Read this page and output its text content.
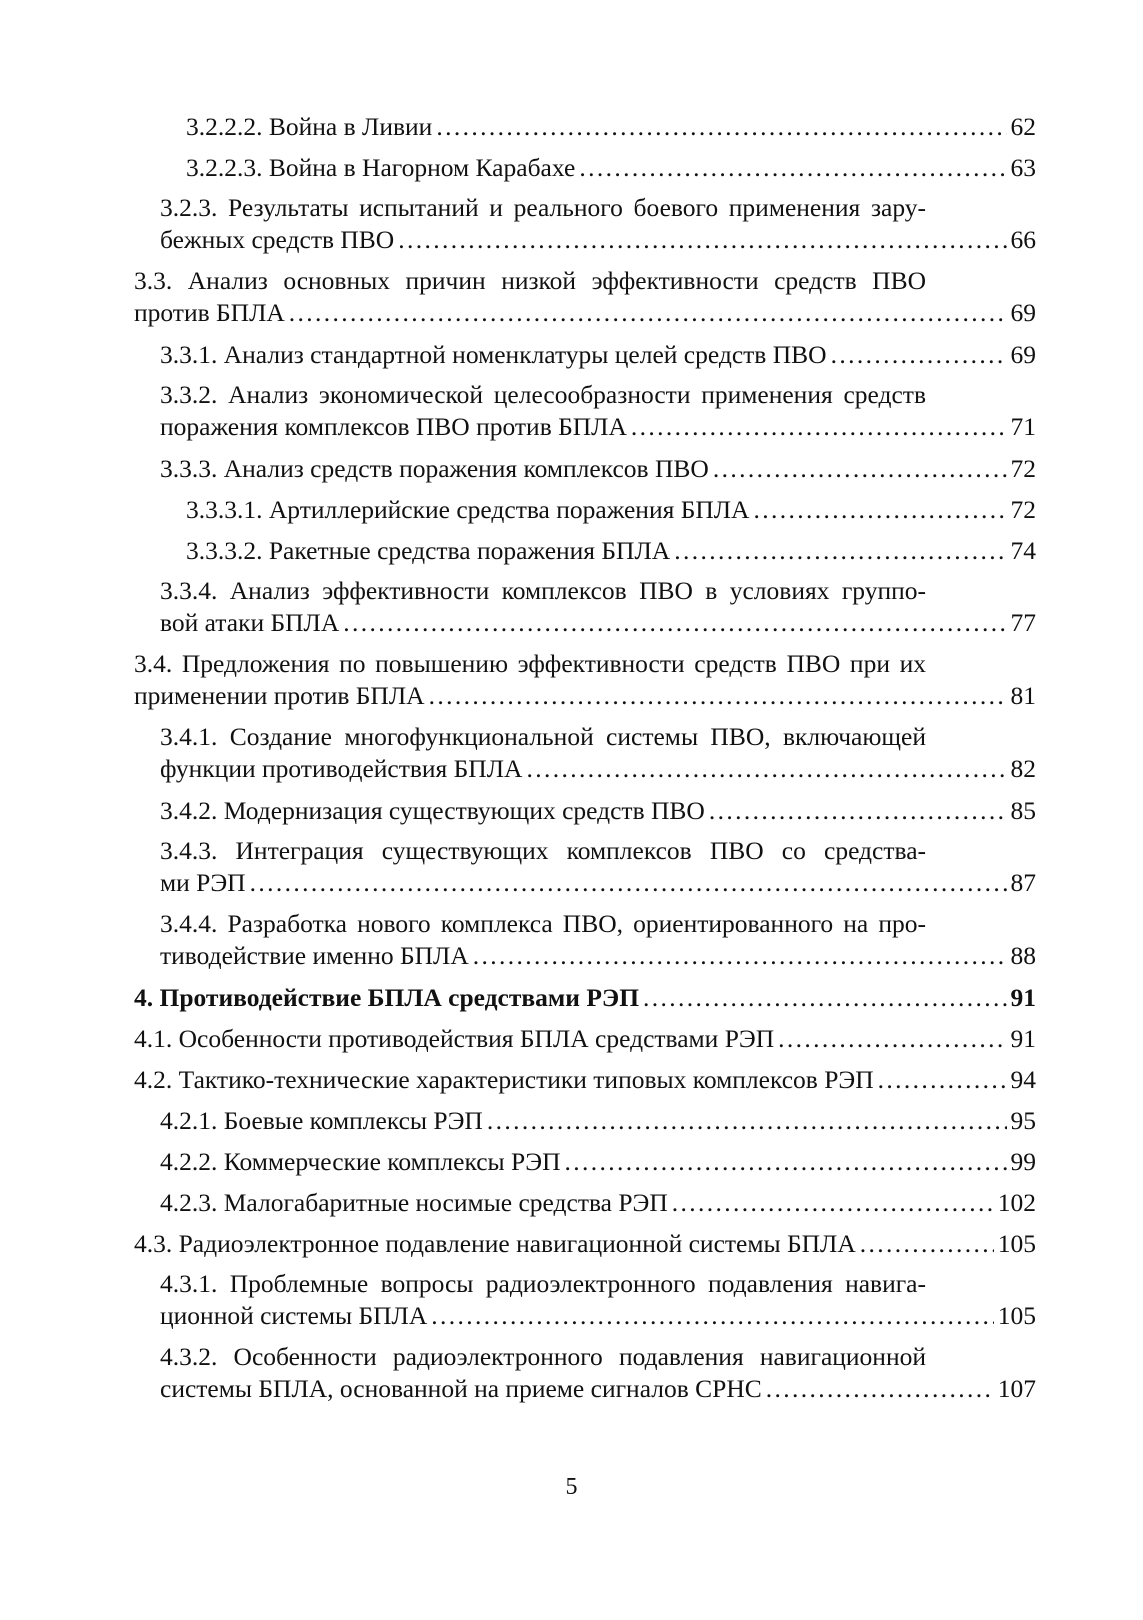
3.2.2.2. Война в Ливии . . .	62
3.2.2.3. Война в Нагорном Карабахе . . .	63
3.2.3. Результаты испытаний и реального боевого применения зару-
бежных средств ПВО . . .	66
3.3. Анализ основных причин низкой эффективности средств ПВО
против БПЛА . . .	69
3.3.1. Анализ стандартной номенклатуры целей средств ПВО . . .	69
3.3.2. Анализ экономической целесообразности применения средств
поражения комплексов ПВО против БПЛА . . .	71
3.3.3. Анализ средств поражения комплексов ПВО . . .	72
3.3.3.1. Артиллерийские средства поражения БПЛА . . .	72
3.3.3.2. Ракетные средства поражения БПЛА . . .	74
3.3.4. Анализ эффективности комплексов ПВО в условиях группо-
вой атаки БПЛА . . .	77
3.4. Предложения по повышению эффективности средств ПВО при их
применении против БПЛА . . .	81
3.4.1. Создание многофункциональной системы ПВО, включающей
функции противодействия БПЛА . . .	82
3.4.2. Модернизация существующих средств ПВО . . .	85
3.4.3. Интеграция существующих комплексов ПВО со средства-
ми РЭП . . .	87
3.4.4. Разработка нового комплекса ПВО, ориентированного на про-
тиводействие именно БПЛА . . .	88
4. Противодействие БПЛА средствами РЭП . . .	91
4.1. Особенности противодействия БПЛА средствами РЭП . . .	91
4.2. Тактико-технические характеристики типовых комплексов РЭП . . .	94
4.2.1. Боевые комплексы РЭП . . .	95
4.2.2. Коммерческие комплексы РЭП . . .	99
4.2.3. Малогабаритные носимые средства РЭП . . .	102
4.3. Радиоэлектронное подавление навигационной системы БПЛА . . .	105
4.3.1. Проблемные вопросы радиоэлектронного подавления навига-
ционной системы БПЛА . . .	105
4.3.2. Особенности радиоэлектронного подавления навигационной
системы БПЛА, основанной на приеме сигналов СРНС . . .	107
5
